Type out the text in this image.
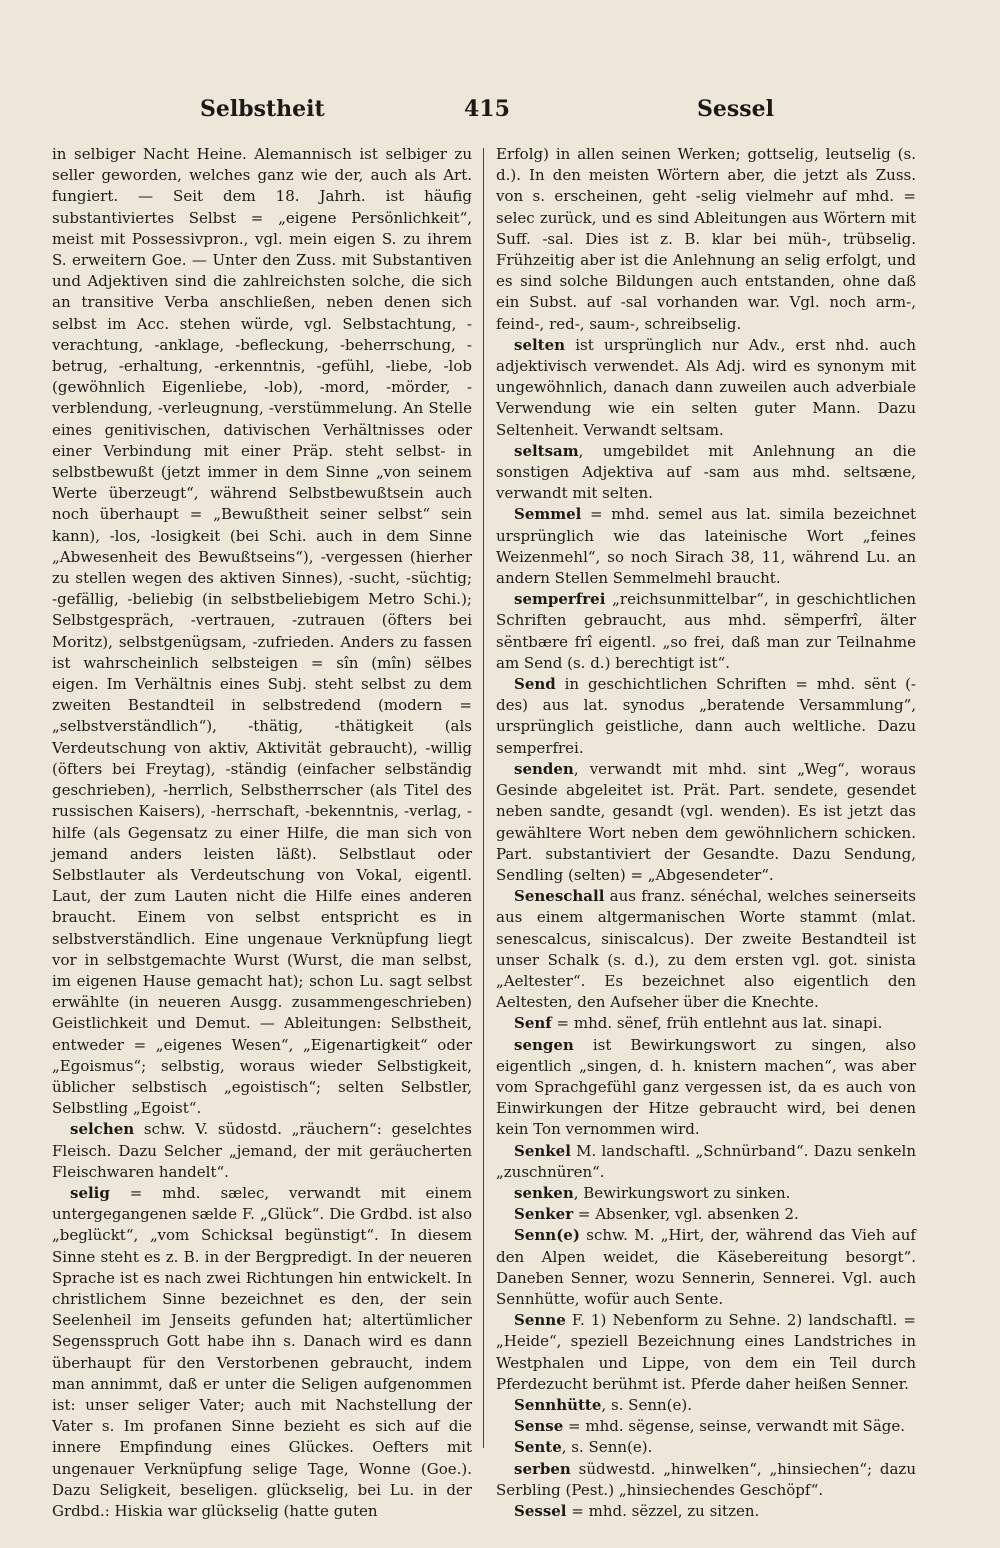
Selbstheit	415	Sessel

in selbiger Nacht Heine. Alemannisch ist selbiger zu seller geworden, welches ganz wie der, auch als Art. fungiert. — Seit dem 18. Jahrh. ist häufig substantiviertes Selbst = „eigene Persönlichkeit“, meist mit Possessivpron., vgl. mein eigen S. zu ihrem S. erweitern Goe. — Unter den Zuss. mit Substantiven und Adjektiven sind die zahlreichsten solche, die sich an transitive Verba anschließen, neben denen sich selbst im Acc. stehen würde, vgl. Selbstachtung, -verachtung, -anklage, -befleckung, -beherrschung, -betrug, -erhaltung, -erkenntnis, -gefühl, -liebe, -lob (gewöhnlich Eigenliebe, -lob), -mord, -mörder, -verblendung, -verleugnung, -verstümmelung. An Stelle eines genitivischen, dativischen Verhältnisses oder einer Verbindung mit einer Präp. steht selbst- in selbstbewußt (jetzt immer in dem Sinne „von seinem Werte überzeugt“, während Selbstbewußtsein auch noch überhaupt = „Bewußtheit seiner selbst“ sein kann), -los, -losigkeit (bei Schi. auch in dem Sinne „Abwesenheit des Bewußtseins“), -vergessen (hierher zu stellen wegen des aktiven Sinnes), -sucht, -süchtig; -gefällig, -beliebig (in selbstbeliebigem Metro Schi.); Selbstgespräch, -vertrauen, -zutrauen (öfters bei Moritz), selbstgenügsam, -zufrieden. Anders zu fassen ist wahrscheinlich selbsteigen = sîn (mîn) sëlbes eigen. Im Verhältnis eines Subj. steht selbst zu dem zweiten Bestandteil in selbstredend (modern = „selbstverständlich“), -thätig, -thätigkeit (als Verdeutschung von aktiv, Aktivität gebraucht), -willig (öfters bei Freytag), -ständig (einfacher selbständig geschrieben), -herrlich, Selbstherrscher (als Titel des russischen Kaisers), -herrschaft, -bekenntnis, -verlag, -hilfe (als Gegensatz zu einer Hilfe, die man sich von jemand anders leisten läßt). Selbstlaut oder Selbstlauter als Verdeutschung von Vokal, eigentl. Laut, der zum Lauten nicht die Hilfe eines anderen braucht. Einem von selbst entspricht es in selbstverständlich. Eine ungenaue Verknüpfung liegt vor in selbstgemachte Wurst (Wurst, die man selbst, im eigenen Hause gemacht hat); schon Lu. sagt selbst erwählte (in neueren Ausgg. zusammengeschrieben) Geistlichkeit und Demut. — Ableitungen: Selbstheit, entweder = „eigenes Wesen“, „Eigenartigkeit“ oder „Egoismus“; selbstig, woraus wieder Selbstigkeit, üblicher selbstisch „egoistisch“; selten Selbstler, Selbstling „Egoist“.

selchen schw. V. südostd. „räuchern“: geselchtes Fleisch. Dazu Selcher „jemand, der mit geräucherten Fleischwaren handelt“.

selig = mhd. sælec, verwandt mit einem untergegangenen sælde F. „Glück“. Die Grdbd. ist also „beglückt“, „vom Schicksal begünstigt“. In diesem Sinne steht es z. B. in der Bergpredigt. In der neueren Sprache ist es nach zwei Richtungen hin entwickelt. In christlichem Sinne bezeichnet es den, der sein Seelenheil im Jenseits gefunden hat; altertümlicher Segensspruch Gott habe ihn s. Danach wird es dann überhaupt für den Verstorbenen gebraucht, indem man annimmt, daß er unter die Seligen aufgenommen ist: unser seliger Vater; auch mit Nachstellung der Vater s. Im profanen Sinne bezieht es sich auf die innere Empfindung eines Glückes. Oefters mit ungenauer Verknüpfung selige Tage, Wonne (Goe.). Dazu Seligkeit, beseligen. glückselig, bei Lu. in der Grdbd.: Hiskia war glückselig (hatte guten

Erfolg) in allen seinen Werken; gottselig, leutselig (s. d.). In den meisten Wörtern aber, die jetzt als Zuss. von s. erscheinen, geht -selig vielmehr auf mhd. = selec zurück, und es sind Ableitungen aus Wörtern mit Suff. -sal. Dies ist z. B. klar bei müh-, trübselig. Frühzeitig aber ist die Anlehnung an selig erfolgt, und es sind solche Bildungen auch entstanden, ohne daß ein Subst. auf -sal vorhanden war. Vgl. noch arm-, feind-, red-, saum-, schreibselig.

selten ist ursprünglich nur Adv., erst nhd. auch adjektivisch verwendet. Als Adj. wird es synonym mit ungewöhnlich, danach dann zuweilen auch adverbiale Verwendung wie ein selten guter Mann. Dazu Seltenheit. Verwandt seltsam.

seltsam, umgebildet mit Anlehnung an die sonstigen Adjektiva auf -sam aus mhd. seltsæne, verwandt mit selten.

Semmel = mhd. semel aus lat. simila bezeichnet ursprünglich wie das lateinische Wort „feines Weizenmehl“, so noch Sirach 38, 11, während Lu. an andern Stellen Semmelmehl braucht.

semperfrei „reichsunmittelbar“, in geschichtlichen Schriften gebraucht, aus mhd. sëmperfrî, älter sëntbære frî eigentl. „so frei, daß man zur Teilnahme am Send (s. d.) berechtigt ist“.

Send in geschichtlichen Schriften = mhd. sënt (-des) aus lat. synodus „beratende Versammlung“, ursprünglich geistliche, dann auch weltliche. Dazu semperfrei.

senden, verwandt mit mhd. sint „Weg“, woraus Gesinde abgeleitet ist. Prät. Part. sendete, gesendet neben sandte, gesandt (vgl. wenden). Es ist jetzt das gewähltere Wort neben dem gewöhnlichern schicken. Part. substantiviert der Gesandte. Dazu Sendung, Sendling (selten) = „Abgesendeter“.

Seneschall aus franz. sénéchal, welches seinerseits aus einem altgermanischen Worte stammt (mlat. senescalcus, siniscalcus). Der zweite Bestandteil ist unser Schalk (s. d.), zu dem ersten vgl. got. sinista „Aeltester“. Es bezeichnet also eigentlich den Aeltesten, den Aufseher über die Knechte.

Senf = mhd. sënef, früh entlehnt aus lat. sinapi.

sengen ist Bewirkungswort zu singen, also eigentlich „singen, d. h. knistern machen“, was aber vom Sprachgefühl ganz vergessen ist, da es auch von Einwirkungen der Hitze gebraucht wird, bei denen kein Ton vernommen wird.

Senkel M. landschaftl. „Schnürband“. Dazu senkeln „zuschnüren“.

senken, Bewirkungswort zu sinken.

Senker = Absenker, vgl. absenken 2.

Senn(e) schw. M. „Hirt, der, während das Vieh auf den Alpen weidet, die Käsebereitung besorgt“. Daneben Senner, wozu Sennerin, Sennerei. Vgl. auch Sennhütte, wofür auch Sente.

Senne F. 1) Nebenform zu Sehne. 2) landschaftl. = „Heide“, speziell Bezeichnung eines Landstriches in Westphalen und Lippe, von dem ein Teil durch Pferdezucht berühmt ist. Pferde daher heißen Senner.

Sennhütte, s. Senn(e).

Sense = mhd. sëgense, seinse, verwandt mit Säge.

Sente, s. Senn(e).

serben südwestd. „hinwelken“, „hinsiechen“; dazu Serbling (Pest.) „hinsiechendes Geschöpf“.

Sessel = mhd. sëzzel, zu sitzen.
